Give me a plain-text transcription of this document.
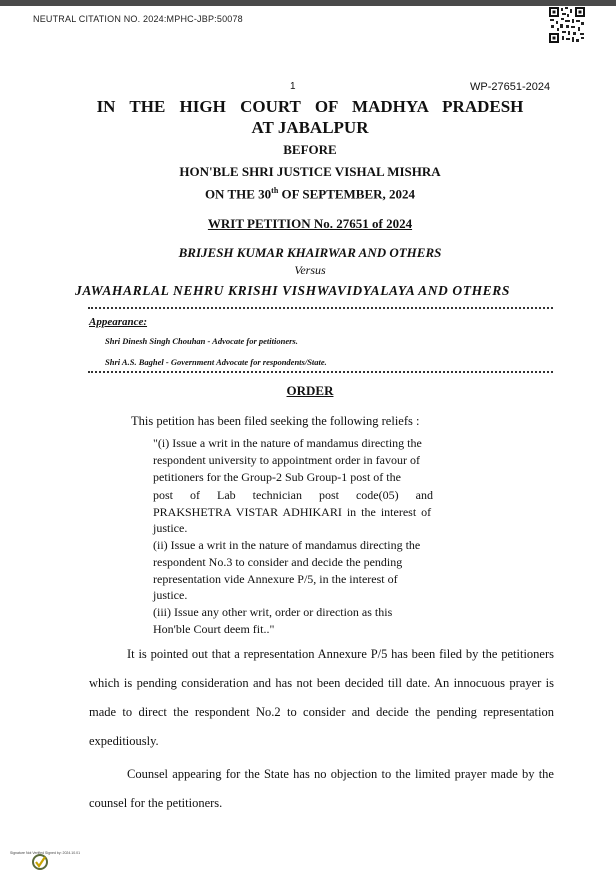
NEUTRAL CITATION NO. 2024:MPHC-JBP:50078
1	WP-27651-2024
IN THE HIGH COURT OF MADHYA PRADESH
AT JABALPUR
BEFORE
HON'BLE SHRI JUSTICE VISHAL MISHRA
ON THE 30th OF SEPTEMBER, 2024
WRIT PETITION No. 27651 of 2024
BRIJESH KUMAR KHAIRWAR AND OTHERS
Versus
JAWAHARLAL NEHRU KRISHI VISHWAVIDYALAYA AND OTHERS
Appearance:
Shri Dinesh Singh Chouhan - Advocate for petitioners.
Shri A.S. Baghel - Government Advocate for respondents/State.
ORDER
This petition has been filed seeking the following reliefs :
"(i) Issue a writ in the nature of mandamus directing the
respondent university to appointment order in favour of
petitioners for the Group-2 Sub Group-1 post of the
post of Lab technician post code(05) and
PRAKSHETRA VISTAR ADHIKARI in the interest of
justice.
(ii) Issue a writ in the nature of mandamus directing the
respondent No.3 to consider and decide the pending
representation vide Annexure P/5, in the interest of
justice.
(iii) Issue any other writ, order or direction as this
Hon'ble Court deem fit.."
It is pointed out that a representation Annexure P/5 has been filed by the petitioners which is pending consideration and has not been decided till date. An innocuous prayer is made to direct the respondent No.2 to consider and decide the pending representation expeditiously.
Counsel appearing for the State has no objection to the limited prayer made by the counsel for the petitioners.
Signature Not Verified Signed by: 2024.10.01
